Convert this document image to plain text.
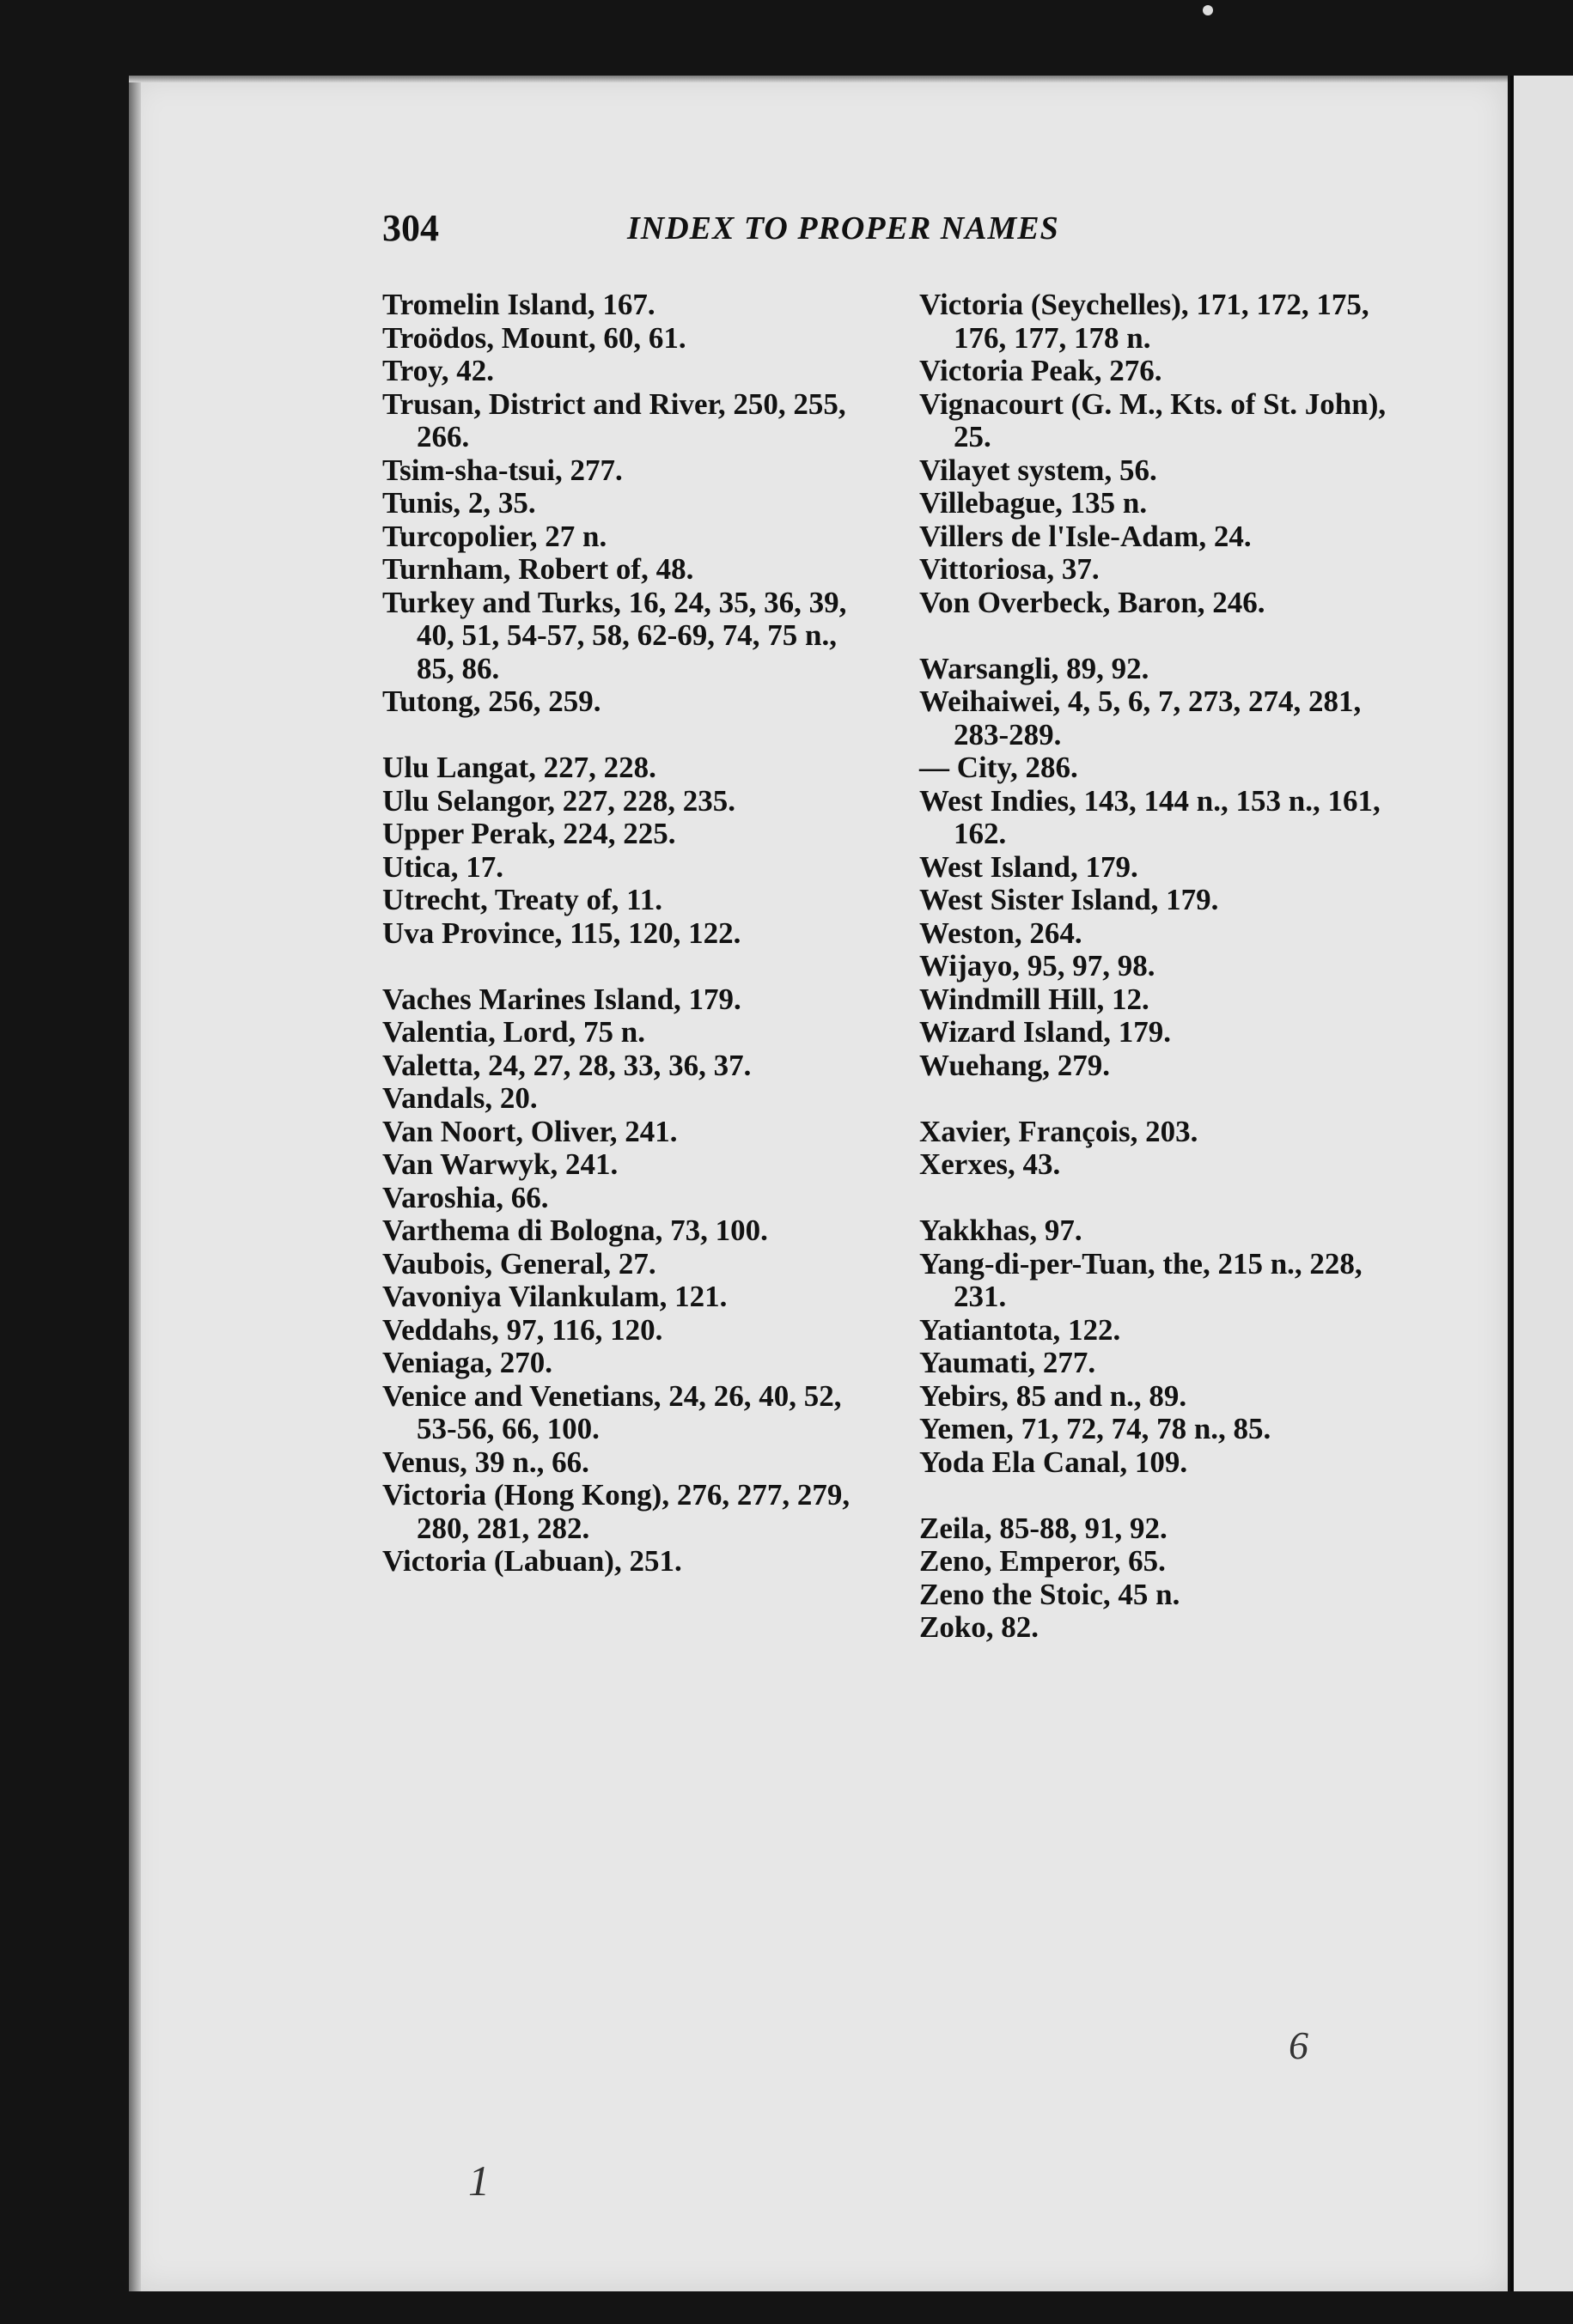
304	INDEX TO PROPER NAMES

Tromelin Island, 167.

Troödos, Mount, 60, 61.

Troy, 42.

Trusan, District and River, 250, 255, 266.

Tsim-sha-tsui, 277.

Tunis, 2, 35.

Turcopolier, 27 n.

Turnham, Robert of, 48.

Turkey and Turks, 16, 24, 35, 36, 39, 40, 51, 54-57, 58, 62-69, 74, 75 n., 85, 86.

Tutong, 256, 259.

Ulu Langat, 227, 228.

Ulu Selangor, 227, 228, 235.

Upper Perak, 224, 225.

Utica, 17.

Utrecht, Treaty of, 11.

Uva Province, 115, 120, 122.

Vaches Marines Island, 179.

Valentia, Lord, 75 n.

Valetta, 24, 27, 28, 33, 36, 37.

Vandals, 20.

Van Noort, Oliver, 241.

Van Warwyk, 241.

Varoshia, 66.

Varthema di Bologna, 73, 100.

Vaubois, General, 27.

Vavoniya Vilankulam, 121.

Veddahs, 97, 116, 120.

Veniaga, 270.

Venice and Venetians, 24, 26, 40, 52, 53-56, 66, 100.

Venus, 39 n., 66.

Victoria (Hong Kong), 276, 277, 279, 280, 281, 282.

Victoria (Labuan), 251.

Victoria (Seychelles), 171, 172, 175, 176, 177, 178 n.

Victoria Peak, 276.

Vignacourt (G. M., Kts. of St. John), 25.

Vilayet system, 56.

Villebague, 135 n.

Villers de l'Isle-Adam, 24.

Vittoriosa, 37.

Von Overbeck, Baron, 246.

Warsangli, 89, 92.

Weihaiwei, 4, 5, 6, 7, 273, 274, 281, 283-289.

— City, 286.

West Indies, 143, 144 n., 153 n., 161, 162.

West Island, 179.

West Sister Island, 179.

Weston, 264.

Wijayo, 95, 97, 98.

Windmill Hill, 12.

Wizard Island, 179.

Wuehang, 279.

Xavier, François, 203.

Xerxes, 43.

Yakkhas, 97.

Yang-di-per-Tuan, the, 215 n., 228, 231.

Yatiantota, 122.

Yaumati, 277.

Yebirs, 85 and n., 89.

Yemen, 71, 72, 74, 78 n., 85.

Yoda Ela Canal, 109.

Zeila, 85-88, 91, 92.

Zeno, Emperor, 65.

Zeno the Stoic, 45 n.

Zoko, 82.

6
1
